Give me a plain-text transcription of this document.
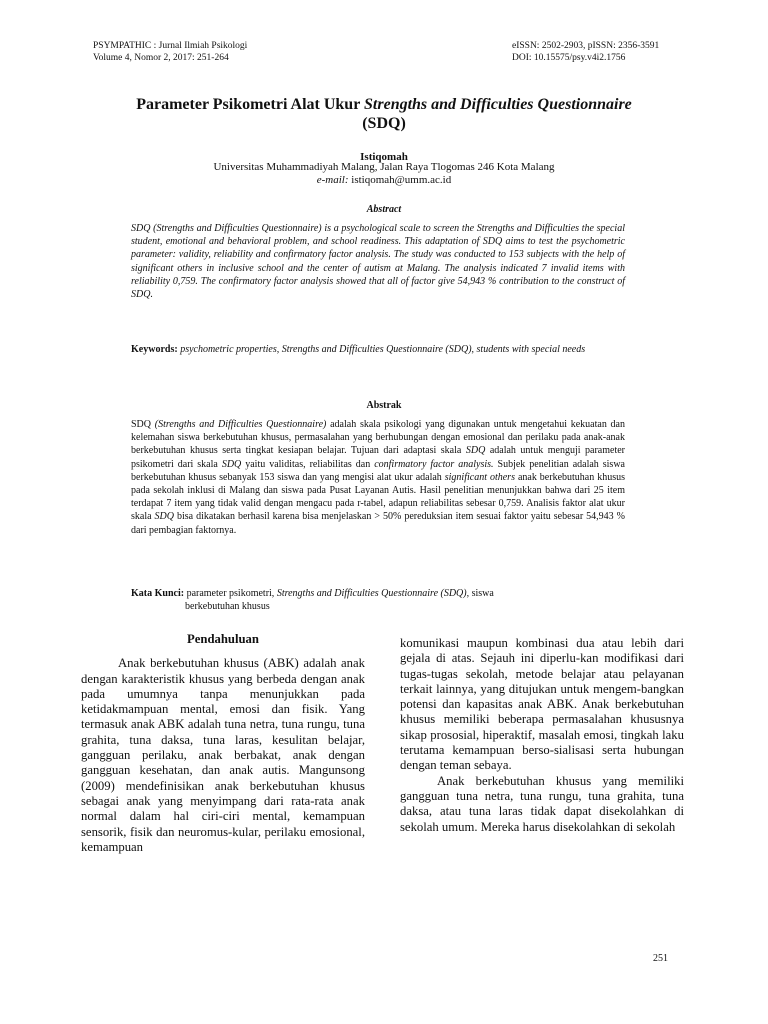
PSYMPATHIC : Jurnal Ilmiah Psikologi
Volume 4, Nomor 2, 2017: 251-264
eISSN: 2502-2903, pISSN: 2356-3591
DOI: 10.15575/psy.v4i2.1756
Parameter Psikometri Alat Ukur Strengths and Difficulties Questionnaire
(SDQ)
Istiqomah
Universitas Muhammadiyah Malang, Jalan Raya Tlogomas 246 Kota Malang
e-mail: istiqomah@umm.ac.id
Abstract
SDQ (Strengths and Difficulties Questionnaire) is a psychological scale to screen the Strengths and Difficulties the special student, emotional and behavioral problem, and school readiness. This adaptation of SDQ aims to test the psychometric parameter: validity, reliability and confirmatory factor analysis. The study was conducted to 153 subjects with the help of significant others in inclusive school and the center of autism at Malang. The analysis indicated 7 invalid items with reliability 0,759. The confirmatory factor analysis showed that all of factor give 54,943 % contribution to the construct of SDQ.
Keywords: psychometric properties, Strengths and Difficulties Questionnaire (SDQ), students with special needs
Abstrak
SDQ (Strengths and Difficulties Questionnaire) adalah skala psikologi yang digunakan untuk mengetahui kekuatan dan kelemahan siswa berkebutuhan khusus, permasalahan yang berhubungan dengan emosional dan perilaku pada anak-anak berkebutuhan khusus serta tingkat kesiapan belajar. Tujuan dari adaptasi skala SDQ adalah untuk menguji parameter psikometri dari skala SDQ yaitu validitas, reliabilitas dan confirmatory factor analysis. Subjek penelitian adalah siswa berkebutuhan khusus sebanyak 153 siswa dan yang mengisi alat ukur adalah significant others anak berkebutuhan khusus pada sekolah inklusi di Malang dan siswa pada Pusat Layanan Autis. Hasil penelitian menunjukkan bahwa dari 25 item terdapat 7 item yang tidak valid dengan mengacu pada r-tabel, adapun reliabilitas sebesar 0,759. Analisis faktor alat ukur skala SDQ bisa dikatakan berhasil karena bisa menjelaskan > 50% pereduksian item sesuai faktor yaitu sebesar 54,943 % dari pembagian faktornya.
Kata Kunci: parameter psikometri, Strengths and Difficulties Questionnaire (SDQ), siswa
berkebutuhan khusus
Pendahuluan

Anak berkebutuhan khusus (ABK) adalah anak dengan karakteristik khusus yang berbeda dengan anak pada umumnya tanpa menunjukkan pada ketidakmampuan mental, emosi dan fisik. Yang termasuk anak ABK adalah tuna netra, tuna rungu, tuna grahita, tuna daksa, tuna laras, kesulitan belajar, gangguan perilaku, anak berbakat, anak dengan gangguan kesehatan, dan anak autis. Mangunsong (2009) mendefinisikan anak berkebutuhan khusus sebagai anak yang menyimpang dari rata-rata anak normal dalam hal ciri-ciri mental, kemampuan sensorik, fisik dan neuromus-kular, perilaku emosional, kemampuan

komunikasi maupun kombinasi dua atau lebih dari gejala di atas. Sejauh ini diperlu-kan modifikasi dari tugas-tugas sekolah, metode belajar atau pelayanan terkait lainnya, yang ditujukan untuk mengem-bangkan potensi dan kapasitas anak ABK. Anak berkebutuhan khusus memiliki beberapa permasalahan khususnya sikap prososial, hiperaktif, masalah emosi, tingkah laku terutama kemampuan berso-sialisasi serta hubungan dengan teman sebaya.

Anak berkebutuhan khusus yang memiliki gangguan tuna netra, tuna rungu, tuna grahita, tuna daksa, atau tuna laras tidak dapat disekolahkan di sekolah umum. Mereka harus disekolahkan di sekolah

251
